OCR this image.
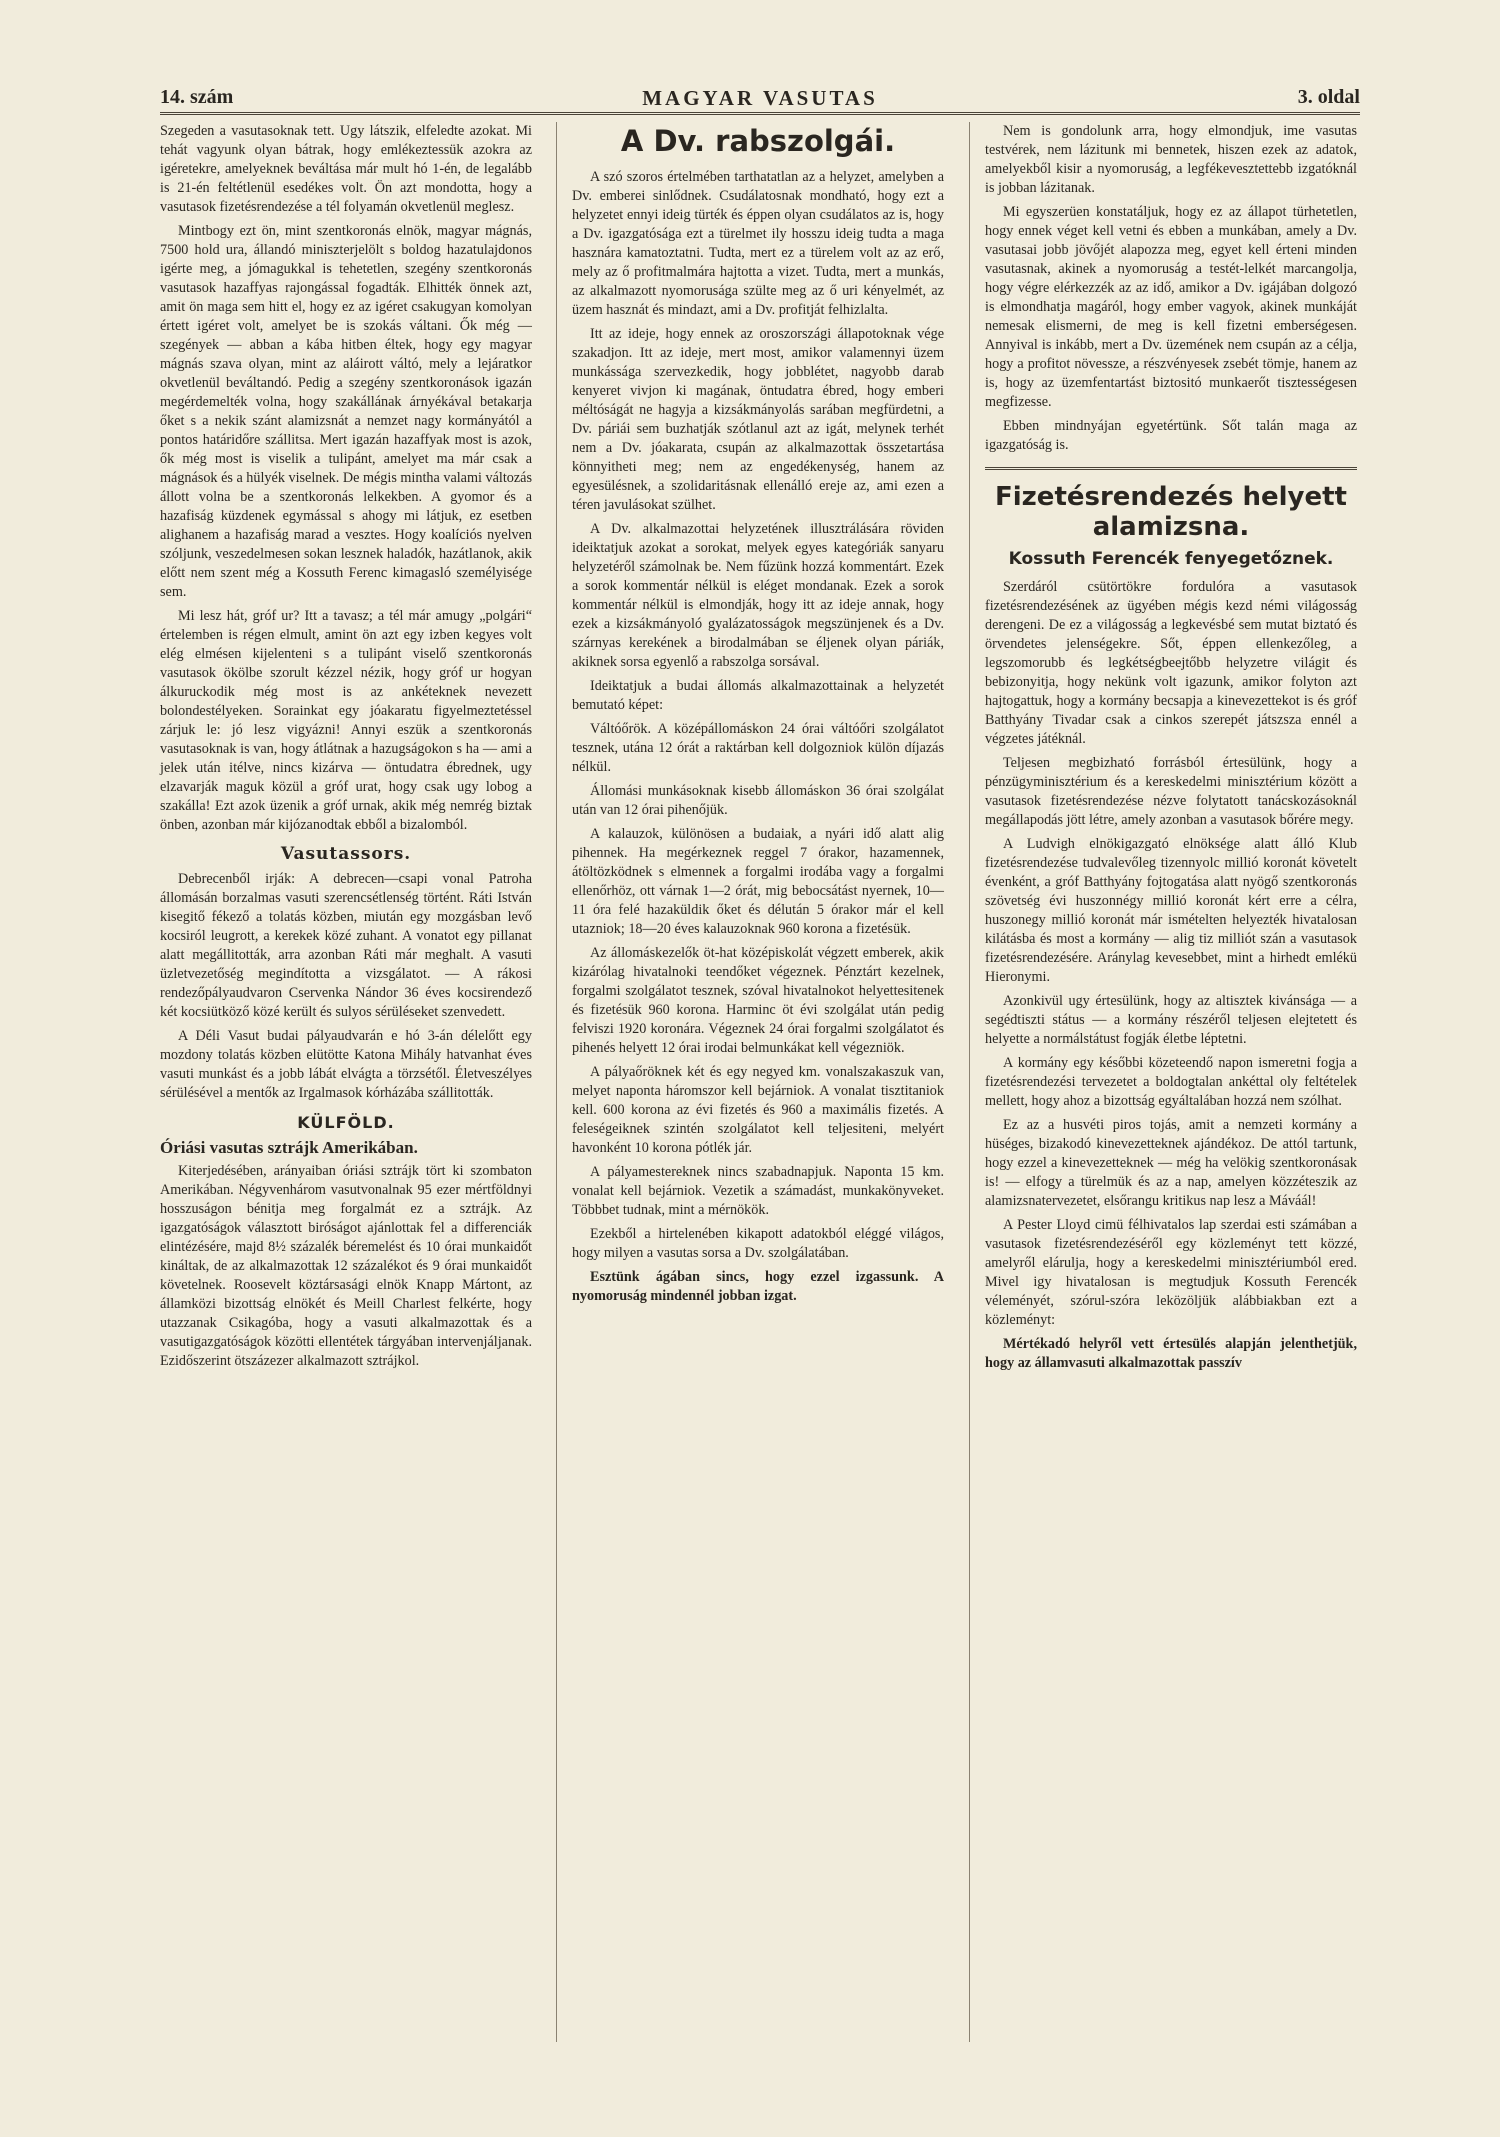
14. szám	MAGYAR VASUTAS	3. oldal

Szegeden a vasutasoknak tett. Ugy látszik, elfeledte azokat. Mi tehát vagyunk olyan bátrak, hogy emlékeztessük azokra az igéretekre, amelyeknek beváltása már mult hó 1-én, de legalább is 21-én feltétlenül esedékes volt. Ön azt mondotta, hogy a vasutasok fizetésrendezése a tél folyamán okvetlenül meglesz.

Mintbogy ezt ön, mint szentkoronás elnök, magyar mágnás, 7500 hold ura, állandó miniszterjelölt s boldog hazatulajdonos igérte meg, a jómagukkal is tehetetlen, szegény szentkoronás vasutasok hazaffyas rajongással fogadták. Elhitték önnek azt, amit ön maga sem hitt el, hogy ez az igéret csakugyan komolyan értett igéret volt, amelyet be is szokás váltani. Ők még — szegények — abban a kába hitben éltek, hogy egy magyar mágnás szava olyan, mint az aláirott váltó, mely a lejáratkor okvetlenül beváltandó. Pedig a szegény szentkoronások igazán megérdemelték volna, hogy szakállának árnyékával betakarja őket s a nekik szánt alamizsnát a nemzet nagy kormányától a pontos határidőre szállitsa. Mert igazán hazaffyak most is azok, ők még most is viselik a tulipánt, amelyet ma már csak a mágnások és a hülyék viselnek. De mégis mintha valami változás állott volna be a szentkoronás lelkekben. A gyomor és a hazafiság küzdenek egymással s ahogy mi látjuk, ez esetben alighanem a hazafiság marad a vesztes. Hogy koalíciós nyelven szóljunk, veszedelmesen sokan lesznek haladók, hazátlanok, akik előtt nem szent még a Kossuth Ferenc kimagasló személyisége sem.

Mi lesz hát, gróf ur? Itt a tavasz; a tél már amugy „polgári“ értelemben is régen elmult, amint ön azt egy izben kegyes volt elég elmésen kijelenteni s a tulipánt viselő szentkoronás vasutasok ökölbe szorult kézzel nézik, hogy gróf ur hogyan álkuruckodik még most is az ankéteknek nevezett bolondestélyeken. Sorainkat egy jóakaratu figyelmeztetéssel zárjuk le: jó lesz vigyázni! Annyi eszük a szentkoronás vasutasoknak is van, hogy átlátnak a hazugságokon s ha — ami a jelek után itélve, nincs kizárva — öntudatra ébrednek, ugy elzavarják maguk közül a gróf urat, hogy csak ugy lobog a szakálla! Ezt azok üzenik a gróf urnak, akik még nemrég biztak önben, azonban már kijózanodtak ebből a bizalomból.

Vasutassors.

Debrecenből irják: A debrecen—csapi vonal Patroha állomásán borzalmas vasuti szerencsétlenség történt. Ráti István kisegitő fékező a tolatás közben, miután egy mozgásban levő kocsiról leugrott, a kerekek közé zuhant. A vonatot egy pillanat alatt megállitották, arra azonban Ráti már meghalt. A vasuti üzletvezetőség megindította a vizsgálatot. — A rákosi rendezőpályaudvaron Cservenka Nándor 36 éves kocsirendező két kocsiütköző közé került és sulyos sérüléseket szenvedett.

A Déli Vasut budai pályaudvarán e hó 3-án délelőtt egy mozdony tolatás közben elütötte Katona Mihály hatvanhat éves vasuti munkást és a jobb lábát elvágta a törzsétől. Életveszélyes sérülésével a mentők az Irgalmasok kórházába szállitották.

KÜLFÖLD.

Óriási vasutas sztrájk Amerikában.

Kiterjedésében, arányaiban óriási sztrájk tört ki szombaton Amerikában. Négyvenhárom vasutvonalnak 95 ezer mértföldnyi hosszuságon bénitja meg forgalmát ez a sztrájk. Az igazgatóságok választott biróságot ajánlottak fel a differenciák elintézésére, majd 8½ százalék béremelést és 10 órai munkaidőt kináltak, de az alkalmazottak 12 százalékot és 9 órai munkaidőt követelnek. Roosevelt köztársasági elnök Knapp Mártont, az államközi bizottság elnökét és Meill Charlest felkérte, hogy utazzanak Csikagóba, hogy a vasuti alkalmazottak és a vasutigazgatóságok közötti ellentétek tárgyában intervenjáljanak. Ezidőszerint ötszázezer alkalmazott sztrájkol.

A Dv. rabszolgái.

A szó szoros értelmében tarthatatlan az a helyzet, amelyben a Dv. emberei sinlődnek. Csudálatosnak mondható, hogy ezt a helyzetet ennyi ideig türték és éppen olyan csudálatos az is, hogy a Dv. igazgatósága ezt a türelmet ily hosszu ideig tudta a maga hasznára kamatoztatni. Tudta, mert ez a türelem volt az az erő, mely az ő profitmalmára hajtotta a vizet. Tudta, mert a munkás, az alkalmazott nyomorusága szülte meg az ő uri kényelmét, az üzem hasznát és mindazt, ami a Dv. profitját felhizlalta.

Itt az ideje, hogy ennek az oroszországi állapotoknak vége szakadjon. Itt az ideje, mert most, amikor valamennyi üzem munkássága szervezkedik, hogy jobblétet, nagyobb darab kenyeret vivjon ki magának, öntudatra ébred, hogy emberi méltóságát ne hagyja a kizsákmányolás sarában megfürdetni, a Dv. páriái sem buzhatják szótlanul azt az igát, melynek terhét nem a Dv. jóakarata, csupán az alkalmazottak összetartása könnyitheti meg; nem az engedékenység, hanem az egyesülésnek, a szolidaritásnak ellenálló ereje az, ami ezen a téren javulásokat szülhet.

A Dv. alkalmazottai helyzetének illusztrálására röviden ideiktatjuk azokat a sorokat, melyek egyes kategóriák sanyaru helyzetéről számolnak be. Nem fűzünk hozzá kommentárt. Ezek a sorok kommentár nélkül is eléget mondanak. Ezek a sorok kommentár nélkül is elmondják, hogy itt az ideje annak, hogy ezek a kizsákmányoló gyalázatosságok megszünjenek és a Dv. szárnyas kerekének a birodalmában se éljenek olyan páriák, akiknek sorsa egyenlő a rabszolga sorsával.

Ideiktatjuk a budai állomás alkalmazottainak a helyzetét bemutató képet:

Váltóőrök. A középállomáskon 24 órai váltóőri szolgálatot tesznek, utána 12 órát a raktárban kell dolgozniok külön díjazás nélkül.

Állomási munkásoknak kisebb állomáskon 36 órai szolgálat után van 12 órai pihenőjük.

A kalauzok, különösen a budaiak, a nyári idő alatt alig pihennek. Ha megérkeznek reggel 7 órakor, hazamennek, átöltözködnek s elmennek a forgalmi irodába vagy a forgalmi ellenőrhöz, ott várnak 1—2 órát, mig bebocsátást nyernek, 10—11 óra felé hazaküldik őket és délután 5 órakor már el kell utazniok; 18—20 éves kalauzoknak 960 korona a fizetésük.

Az állomáskezelők öt-hat középiskolát végzett emberek, akik kizárólag hivatalnoki teendőket végeznek. Pénztárt kezelnek, forgalmi szolgálatot tesznek, szóval hivatalnokot helyettesitenek és fizetésük 960 korona. Harminc öt évi szolgálat után pedig felviszi 1920 koronára. Végeznek 24 órai forgalmi szolgálatot és pihenés helyett 12 órai irodai belmunkákat kell végezniök.

A pályaőröknek két és egy negyed km. vonalszakaszuk van, melyet naponta háromszor kell bejárniok. A vonalat tisztitaniok kell. 600 korona az évi fizetés és 960 a maximális fizetés. A feleségeiknek szintén szolgálatot kell teljesiteni, melyért havonként 10 korona pótlék jár.

A pályamestereknek nincs szabadnapjuk. Naponta 15 km. vonalat kell bejárniok. Vezetik a számadást, munkakönyveket. Többbet tudnak, mint a mérnökök.

Ezekből a hirtelenében kikapott adatokból eléggé világos, hogy milyen a vasutas sorsa a Dv. szolgálatában.

Esztünk ágában sincs, hogy ezzel izgassunk. A nyomoruság mindennél jobban izgat.

Nem is gondolunk arra, hogy elmondjuk, ime vasutas testvérek, nem lázitunk mi bennetek, hiszen ezek az adatok, amelyekből kisir a nyomoruság, a legfékevesztettebb izgatóknál is jobban lázitanak.

Mi egyszerüen konstatáljuk, hogy ez az állapot türhetetlen, hogy ennek véget kell vetni és ebben a munkában, amely a Dv. vasutasai jobb jövőjét alapozza meg, egyet kell érteni minden vasutasnak, akinek a nyomoruság a testét-lelkét marcangolja, hogy végre elérkezzék az az idő, amikor a Dv. igájában dolgozó is elmondhatja magáról, hogy ember vagyok, akinek munkáját nemesak elismerni, de meg is kell fizetni emberségesen. Annyival is inkább, mert a Dv. üzemének nem csupán az a célja, hogy a profitot növessze, a részvényesek zsebét tömje, hanem az is, hogy az üzemfentartást biztositó munkaerőt tisztességesen megfizesse.

Ebben mindnyájan egyetértünk. Sőt talán maga az igazgatóság is.

Fizetésrendezés helyett alamizsna.
Kossuth Ferencék fenyegetőznek.

Szerdáról csütörtökre fordulóra a vasutasok fizetésrendezésének az ügyében mégis kezd némi világosság derengeni. De ez a világosság a legkevésbé sem mutat biztató és örvendetes jelenségekre. Sőt, éppen ellenkezőleg, a legszomorubb és legkétségbeejtőbb helyzetre világit és bebizonyitja, hogy nekünk volt igazunk, amikor folyton azt hajtogattuk, hogy a kormány becsapja a kinevezettekot is és gróf Batthyány Tivadar csak a cinkos szerepét játszsza ennél a végzetes játéknál.

Teljesen megbizható forrásból értesülünk, hogy a pénzügyminisztérium és a kereskedelmi minisztérium között a vasutasok fizetésrendezése nézve folytatott tanácskozásoknál megállapodás jött létre, amely azonban a vasutasok bőrére megy.

A Ludvigh elnökigazgató elnöksége alatt álló Klub fizetésrendezése tudvalevőleg tizennyolc millió koronát követelt évenként, a gróf Batthyány fojtogatása alatt nyögő szentkoronás szövetség évi huszonnégy millió koronát kért erre a célra, huszonegy millió koronát már ismételten helyezték hivatalosan kilátásba és most a kormány — alig tiz milliót szán a vasutasok fizetésrendezésére. Aránylag kevesebbet, mint a hirhedt emlékü Hieronymi.

Azonkivül ugy értesülünk, hogy az altisztek kivánsága — a segédtiszti státus — a kormány részéről teljesen elejtetett és helyette a normálstátust fogják életbe léptetni.

A kormány egy későbbi közeteendő napon ismeretni fogja a fizetésrendezési tervezetet a boldogtalan ankéttal oly feltételek mellett, hogy ahoz a bizottság egyáltalában hozzá nem szólhat.

Ez az a husvéti piros tojás, amit a nemzeti kormány a hüséges, bizakodó kinevezetteknek ajándékoz. De attól tartunk, hogy ezzel a kinevezetteknek — még ha velökig szentkoronásak is! — elfogy a türelmük és az a nap, amelyen közzéteszik az alamizsnatervezetet, elsőrangu kritikus nap lesz a Máváál!

A Pester Lloyd cimü félhivatalos lap szerdai esti számában a vasutasok fizetésrendezéséről egy közleményt tett közzé, amelyről elárulja, hogy a kereskedelmi minisztériumból ered. Mivel igy hivatalosan is megtudjuk Kossuth Ferencék véleményét, szórul-szóra leközöljük alábbiakban ezt a közleményt:

Mértékadó helyről vett értesülés alapján jelenthetjük, hogy az államvasuti alkalmazottak passzív
